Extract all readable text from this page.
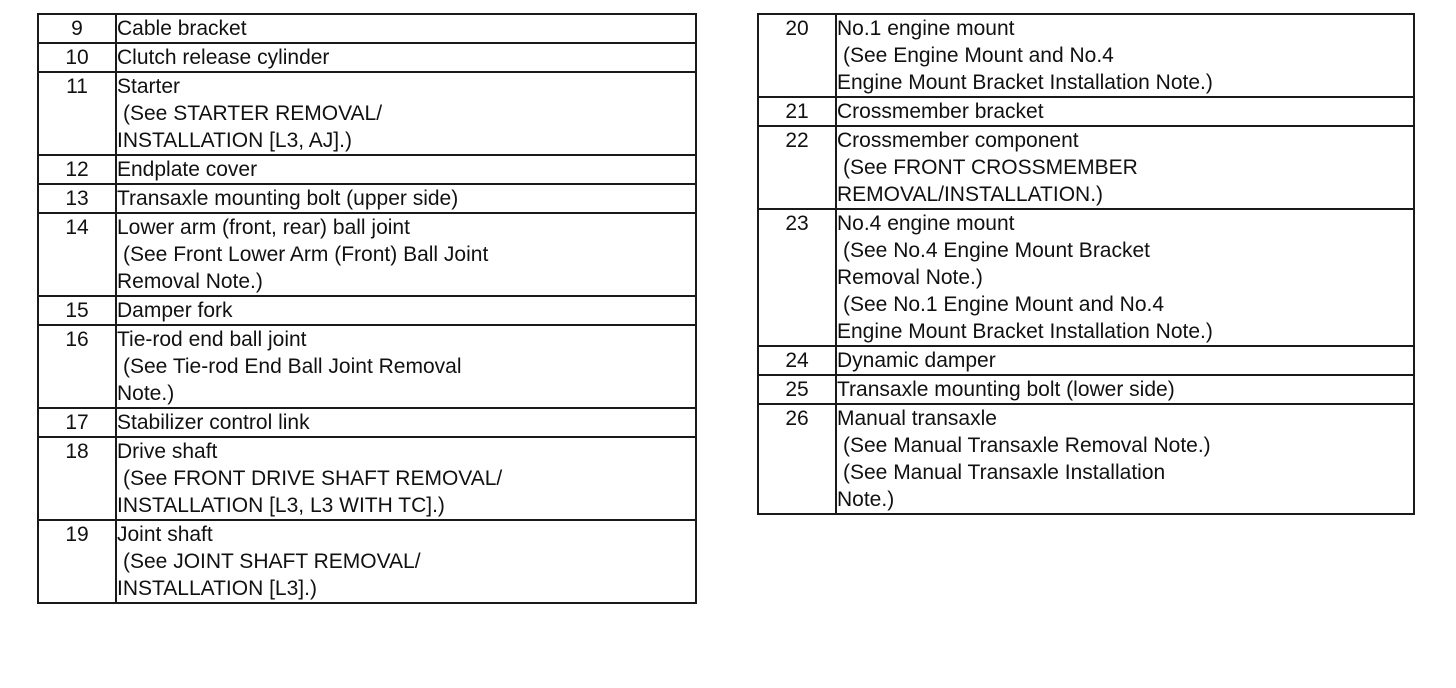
9	Cable bracket

10	Clutch release cylinder

11	Starter
(See STARTER REMOVAL/
INSTALLATION [L3, AJ].)

12	Endplate cover

13	Transaxle mounting bolt (upper side)

14	Lower arm (front, rear) ball joint
(See Front Lower Arm (Front) Ball Joint
Removal Note.)

15	Damper fork

16	Tie-rod end ball joint
(See Tie-rod End Ball Joint Removal
Note.)

17	Stabilizer control link

18	Drive shaft
(See FRONT DRIVE SHAFT REMOVAL/
INSTALLATION [L3, L3 WITH TC].)

19	Joint shaft
(See JOINT SHAFT REMOVAL/
INSTALLATION [L3].)
20	No.1 engine mount
(See Engine Mount and No.4
Engine Mount Bracket Installation Note.)

21	Crossmember bracket

22	Crossmember component
(See FRONT CROSSMEMBER
REMOVAL/INSTALLATION.)

23	No.4 engine mount
(See No.4 Engine Mount Bracket
Removal Note.)
(See No.1 Engine Mount and No.4
Engine Mount Bracket Installation Note.)

24	Dynamic damper

25	Transaxle mounting bolt (lower side)

26	Manual transaxle
(See Manual Transaxle Removal Note.)
(See Manual Transaxle Installation
Note.)
